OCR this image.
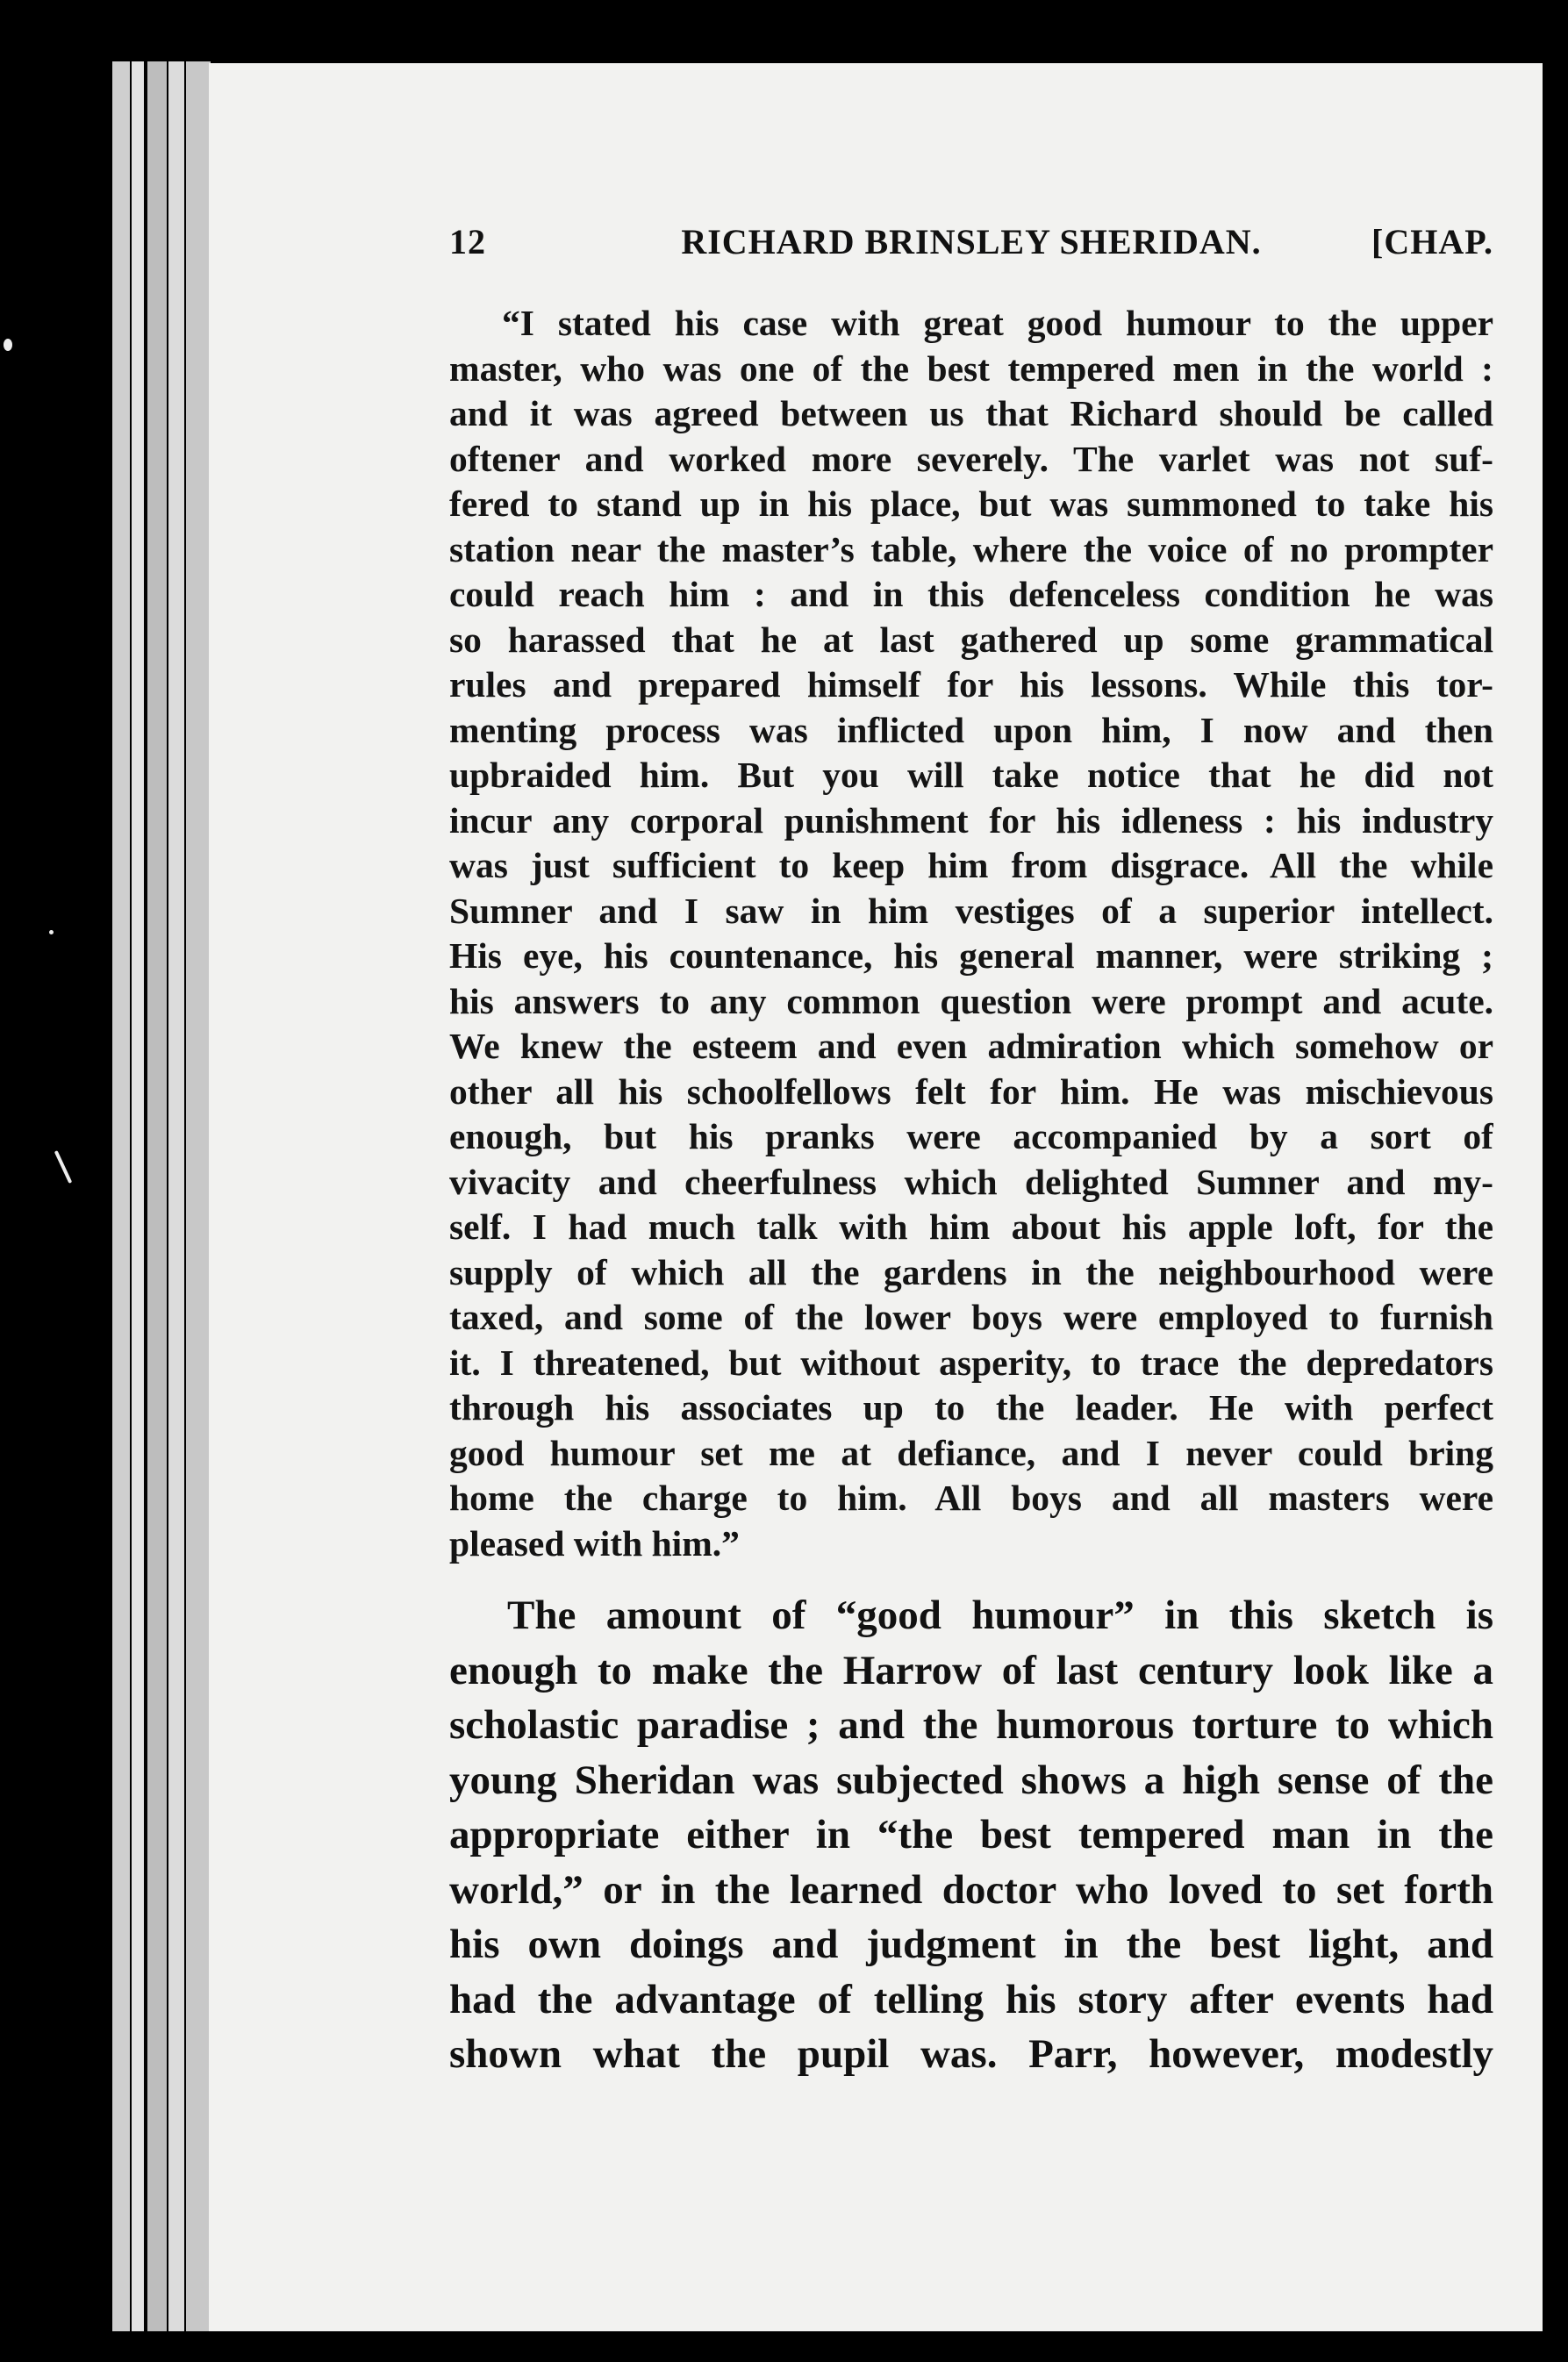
12	RICHARD BRINSLEY SHERIDAN.	[CHAP.
“I stated his case with great good humour to the upper
master, who was one of the best tempered men in the world :
and it was agreed between us that Richard should be called
oftener and worked more severely. The varlet was not suf-
fered to stand up in his place, but was summoned to take his
station near the master’s table, where the voice of no prompter
could reach him : and in this defenceless condition he was
so harassed that he at last gathered up some grammatical
rules and prepared himself for his lessons. While this tor-
menting process was inflicted upon him, I now and then
upbraided him. But you will take notice that he did not
incur any corporal punishment for his idleness : his industry
was just sufficient to keep him from disgrace. All the while
Sumner and I saw in him vestiges of a superior intellect.
His eye, his countenance, his general manner, were striking ;
his answers to any common question were prompt and acute.
We knew the esteem and even admiration which somehow or
other all his schoolfellows felt for him. He was mischievous
enough, but his pranks were accompanied by a sort of
vivacity and cheerfulness which delighted Sumner and my-
self. I had much talk with him about his apple loft, for the
supply of which all the gardens in the neighbourhood were
taxed, and some of the lower boys were employed to furnish
it. I threatened, but without asperity, to trace the depredators
through his associates up to the leader. He with perfect
good humour set me at defiance, and I never could bring
home the charge to him. All boys and all masters were
pleased with him.”
The amount of “good humour” in this sketch is
enough to make the Harrow of last century look like a
scholastic paradise ; and the humorous torture to which
young Sheridan was subjected shows a high sense of the
appropriate either in “the best tempered man in the
world,” or in the learned doctor who loved to set forth
his own doings and judgment in the best light, and
had the advantage of telling his story after events had
shown what the pupil was. Parr, however, modestly
